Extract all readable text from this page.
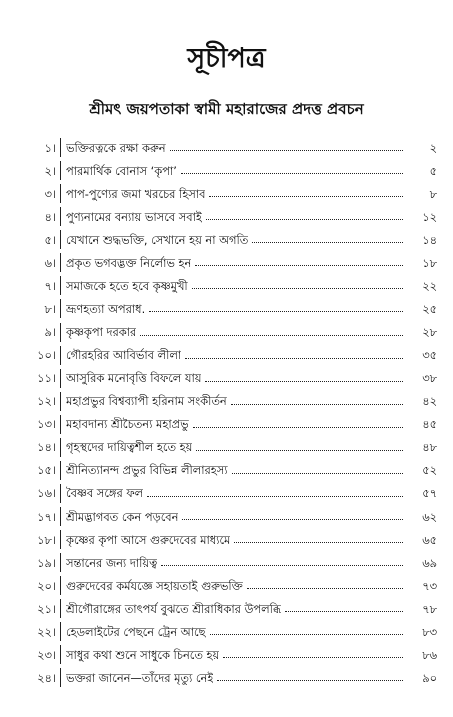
সূচীপত্র
শ্রীমৎ জয়পতাকা স্বামী মহারাজের প্রদত্ত প্রবচন
১। ভক্তিরত্নকে রক্ষা করুন	২
২। পারমার্থিক বোনাস ‘কৃপা’	৫
৩। পাপ-পুণ্যের জমা খরচের হিসাব	৮
৪। পুণ্যনামের বন্যায় ভাসবে সবাই	১২
৫। যেখানে শুদ্ধভক্তি, সেখানে হয় না অগতি	১৪
৬। প্রকৃত ভগবদ্ভক্ত নির্লোভ হন	১৮
৭। সমাজকে হতে হবে কৃষ্ণমুখী	২২
৮। ভ্রূণহত্যা অপরাধ.	২৫
৯। কৃষ্ণকৃপা দরকার	২৮
১০। গৌরহরির আবির্ভাব লীলা	৩৫
১১। আসুরিক মনোবৃত্তি বিফলে যায়	৩৮
১২। মহাপ্রভুর বিশ্বব্যাপী হরিনাম সংকীর্তন	৪২
১৩। মহাবদান্য শ্রীচৈতন্য মহাপ্রভু	৪৫
১৪। গৃহস্থদের দায়িত্বশীল হতে হয়	৪৮
১৫। শ্রীনিত্যানন্দ প্রভুর বিভিন্ন লীলারহস্য	৫২
১৬। বৈষ্ণব সঙ্গের ফল	৫৭
১৭। শ্রীমদ্ভাগবত কেন পড়বেন	৬২
১৮। কৃষ্ণের কৃপা আসে গুরুদেবের মাধ্যমে	৬৫
১৯। সন্তানের জন্য দায়িত্ব	৬৯
২০। গুরুদেবের কর্মযজ্ঞে সহায়তাই গুরুভক্তি	৭৩
২১। শ্রীগৌরাঙ্গের তাৎপর্য বুঝতে শ্রীরাধিকার উপলব্ধি	৭৮
২২। হেডলাইটের পেছনে ট্রেন আছে	৮৩
২৩। সাধুর কথা শুনে সাধুকে চিনতে হয়	৮৬
২৪। ভক্তরা জানেন—তাঁদের মৃত্যু নেই	৯০
